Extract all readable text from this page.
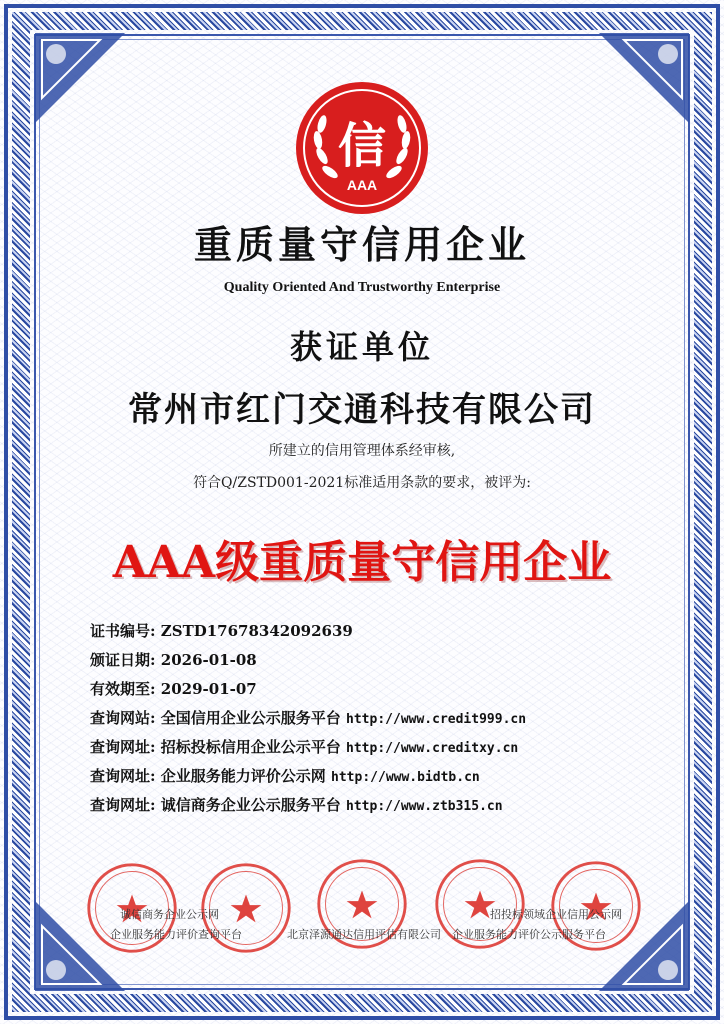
信
AAA
重质量守信用企业
Quality Oriented And Trustworthy Enterprise
获证单位
常州市红门交通科技有限公司
所建立的信用管理体系经审核,
符合Q/ZSTD001-2021标准适用条款的要求，被评为:
AAA级重质量守信用企业
证书编号: ZSTD17678342092639
颁证日期: 2026-01-08
有效期至: 2029-01-07
查询网站: 全国信用企业公示服务平台 http://www.credit999.cn
查询网址: 招标投标信用企业公示平台 http://www.creditxy.cn
查询网址: 企业服务能力评价公示网 http://www.bidtb.cn
查询网址: 诚信商务企业公示服务平台 http://www.ztb315.cn
诚信商务企业公示网
企业服务能力评价查询平台	北京泽源通达信用评估有限公司
招投标领域企业信用公示网
企业服务能力评价公示服务平台
